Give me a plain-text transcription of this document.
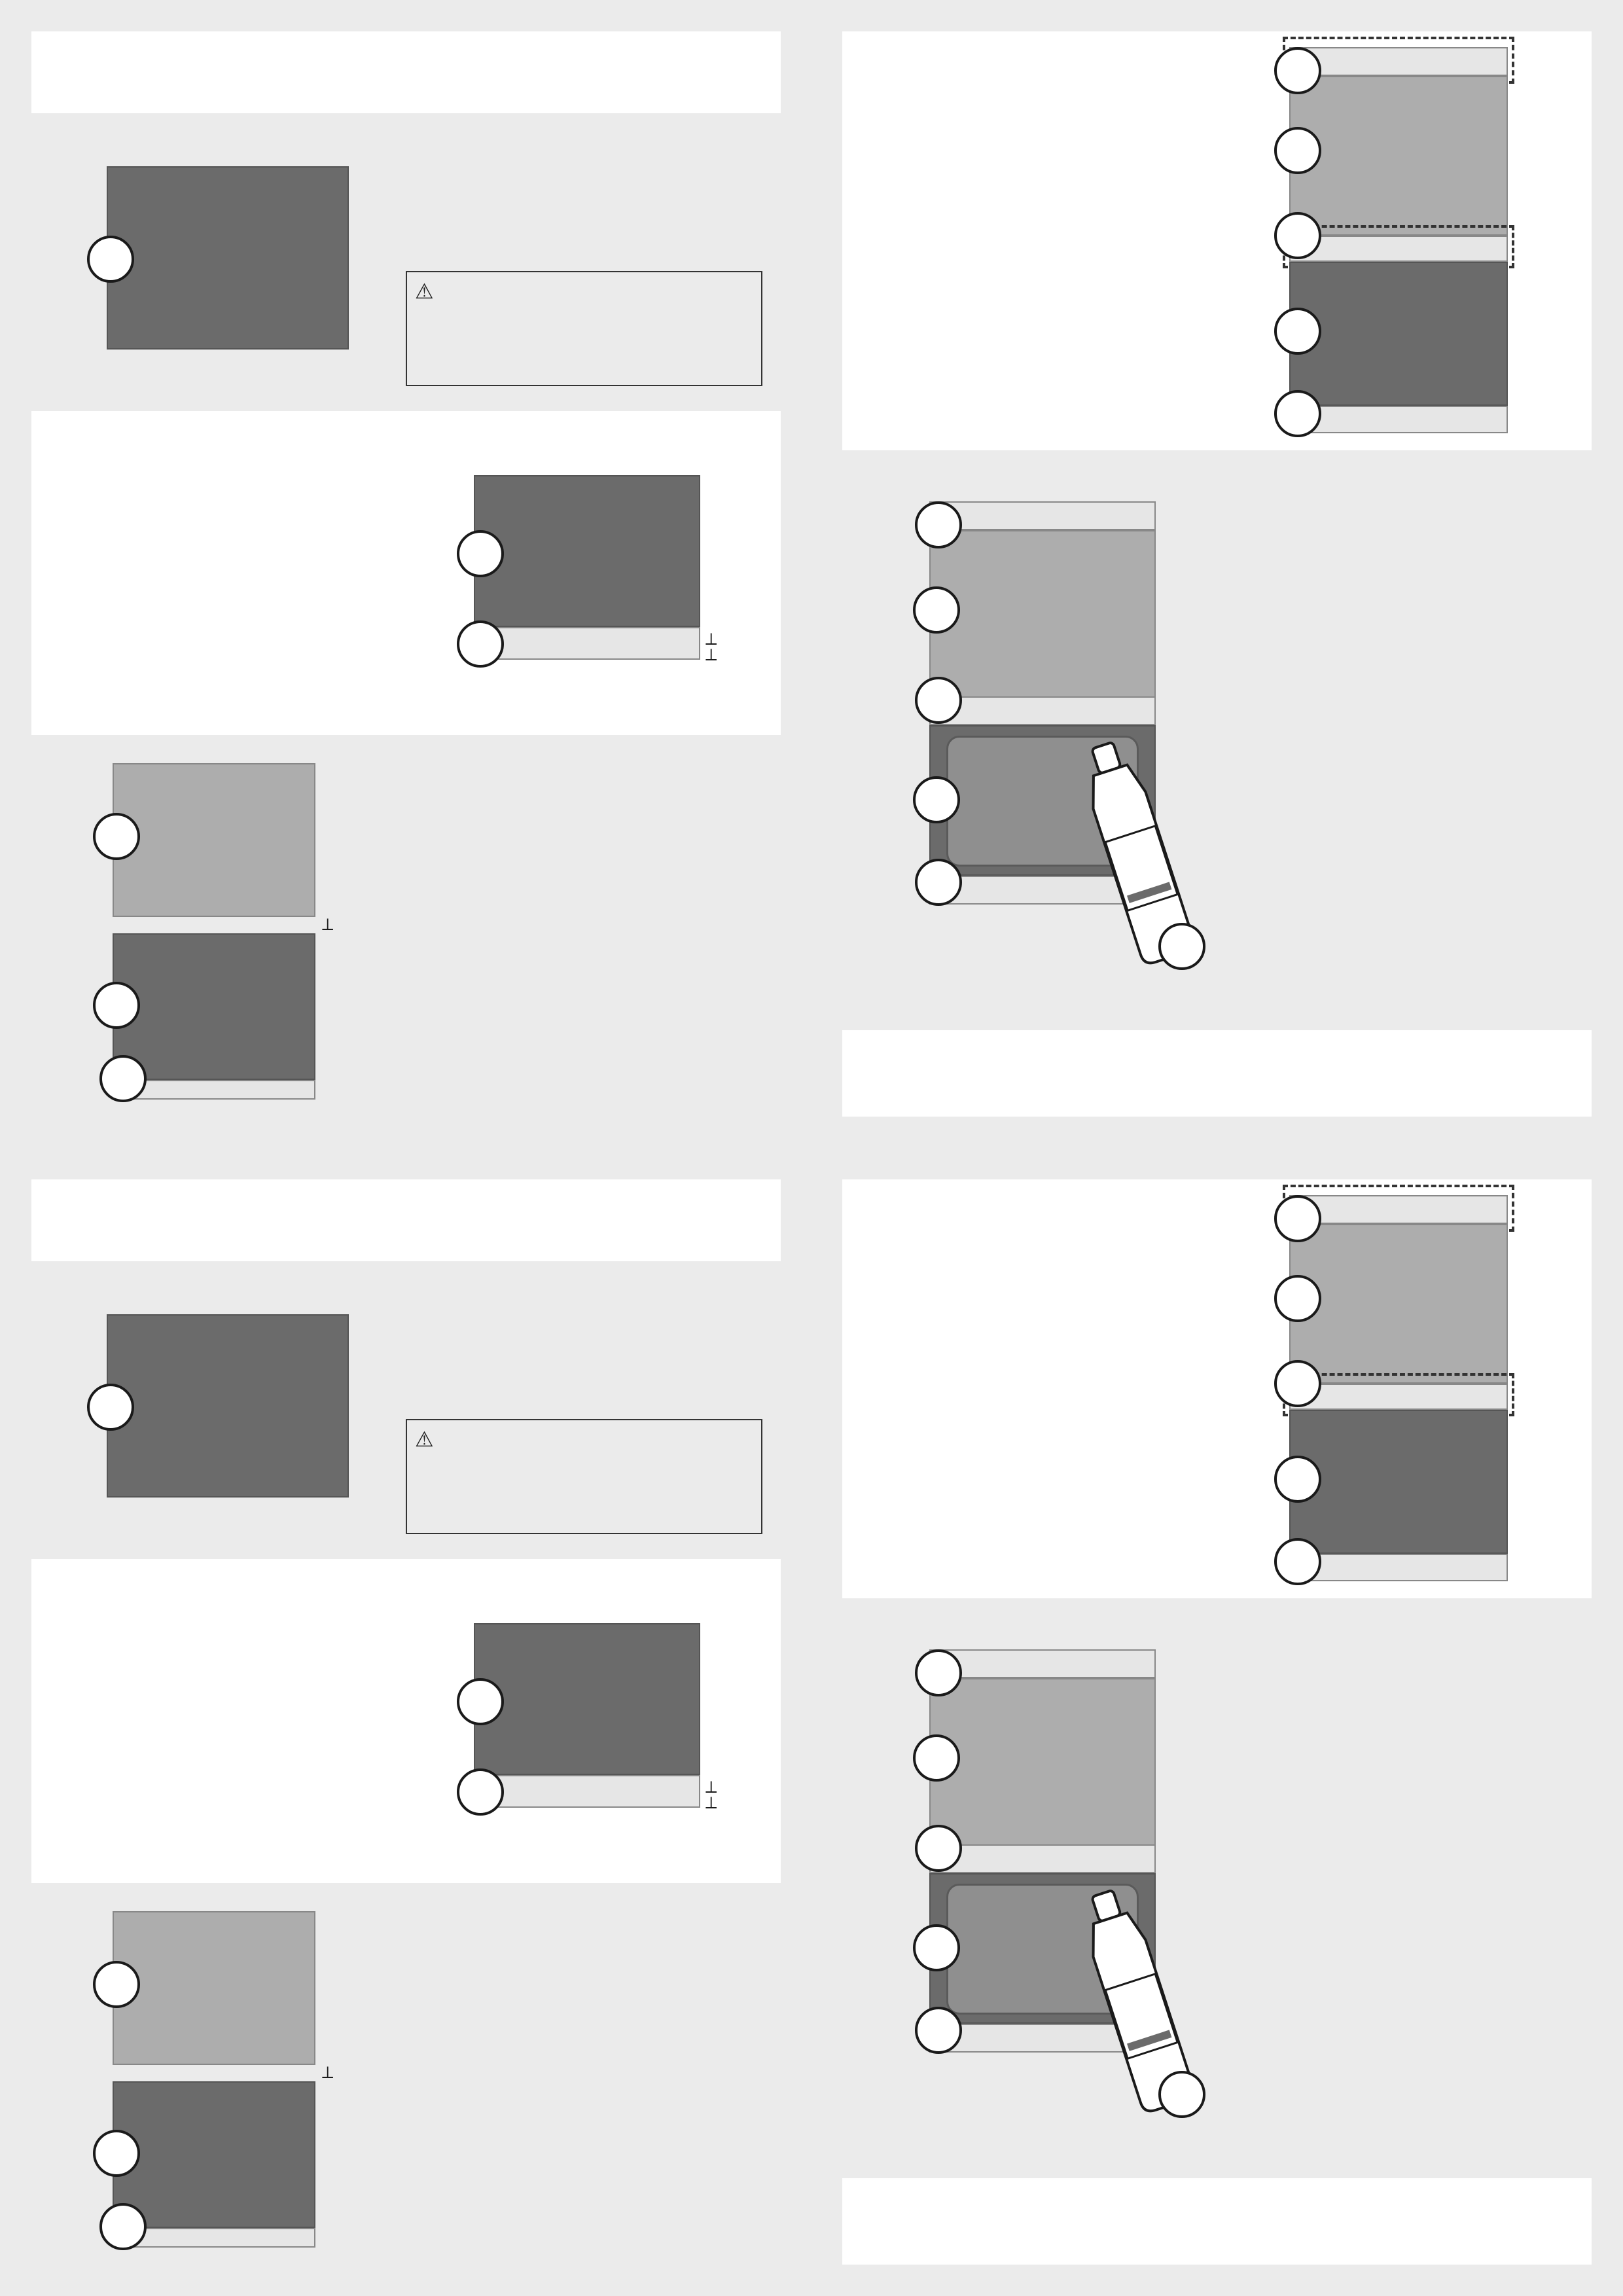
⚠
⟂
⟂
⟂
⚠
⟂
⟂
⟂
